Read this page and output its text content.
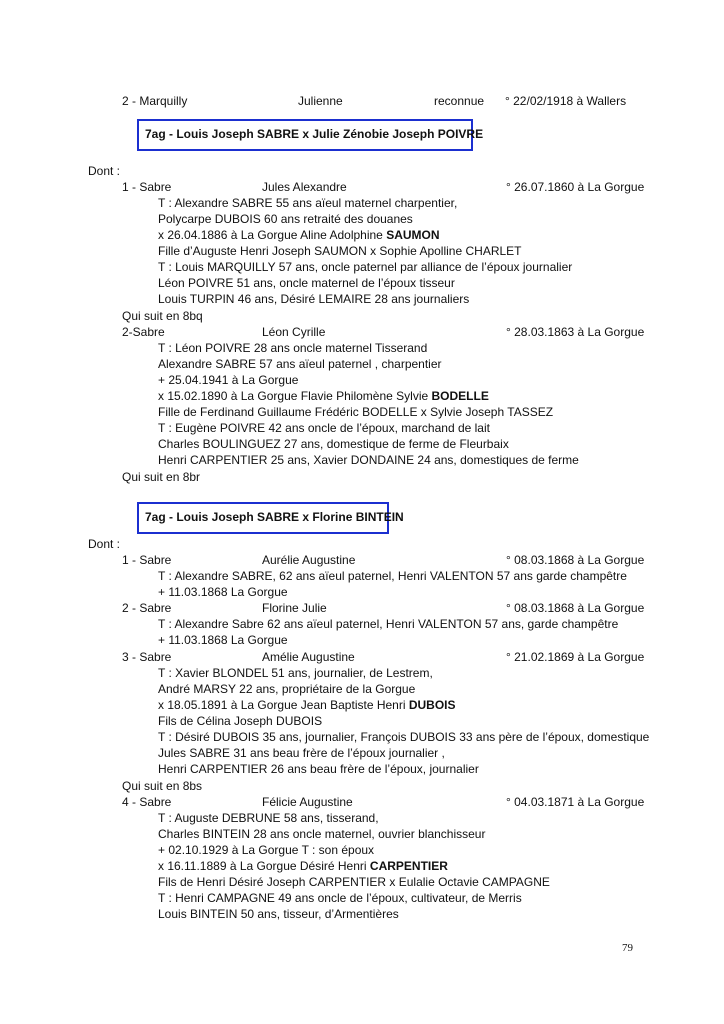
2 - Marquilly	Julienne	reconnue ° 22/02/1918 à Wallers
7ag - Louis Joseph SABRE x Julie Zénobie Joseph POIVRE
Dont :
1 - Sabre	Jules Alexandre	° 26.07.1860 à La Gorgue
T : Alexandre SABRE 55 ans aïeul maternel charpentier,
Polycarpe DUBOIS 60 ans retraité des douanes
x 26.04.1886 à La Gorgue Aline Adolphine SAUMON
Fille d’Auguste Henri Joseph SAUMON x Sophie Apolline CHARLET
T : Louis MARQUILLY 57 ans, oncle paternel par alliance de l’époux journalier
Léon POIVRE 51 ans, oncle maternel de l’époux tisseur
Louis TURPIN 46 ans, Désiré LEMAIRE 28 ans journaliers
Qui suit en 8bq
2-Sabre	Léon Cyrille	° 28.03.1863 à La Gorgue
T : Léon POIVRE 28 ans oncle maternel Tisserand
Alexandre SABRE 57 ans aïeul paternel , charpentier
+ 25.04.1941 à La Gorgue
x 15.02.1890 à La Gorgue Flavie Philomène Sylvie BODELLE
Fille de Ferdinand Guillaume Frédéric BODELLE x Sylvie Joseph TASSEZ
T : Eugène POIVRE 42 ans oncle de l’époux, marchand de lait
Charles BOULINGUEZ 27 ans, domestique de ferme de Fleurbaix
Henri CARPENTIER 25 ans, Xavier DONDAINE 24 ans, domestiques de ferme
Qui suit en 8br
7ag - Louis Joseph SABRE x Florine BINTEIN
Dont :
1 - Sabre	Aurélie Augustine	° 08.03.1868 à La Gorgue
T : Alexandre SABRE, 62 ans aïeul paternel, Henri VALENTON 57 ans garde champêtre
+ 11.03.1868 La Gorgue
2 - Sabre	Florine Julie	° 08.03.1868 à La Gorgue
T : Alexandre Sabre 62 ans aïeul paternel, Henri VALENTON 57 ans, garde champêtre
+ 11.03.1868 La Gorgue
3 - Sabre	Amélie Augustine	° 21.02.1869 à La Gorgue
T : Xavier BLONDEL 51 ans, journalier, de Lestrem,
André MARSY 22 ans, propriétaire de la Gorgue
x 18.05.1891 à La Gorgue Jean Baptiste Henri DUBOIS
Fils de Célina Joseph DUBOIS
T : Désiré DUBOIS 35 ans, journalier, François DUBOIS 33 ans père de l’époux, domestique
Jules SABRE 31 ans beau frère de l’époux journalier ,
Henri CARPENTIER 26 ans beau frère de l’époux, journalier
Qui suit en 8bs
4 - Sabre	Félicie Augustine	° 04.03.1871 à La Gorgue
T : Auguste DEBRUNE 58 ans, tisserand,
Charles BINTEIN 28 ans oncle maternel, ouvrier blanchisseur
+ 02.10.1929 à La Gorgue T : son époux
x 16.11.1889 à La Gorgue Désiré Henri CARPENTIER
Fils de Henri Désiré Joseph CARPENTIER x Eulalie Octavie CAMPAGNE
T : Henri CAMPAGNE 49 ans oncle de l’époux, cultivateur, de Merris
Louis BINTEIN 50 ans, tisseur, d’Armentières
79
